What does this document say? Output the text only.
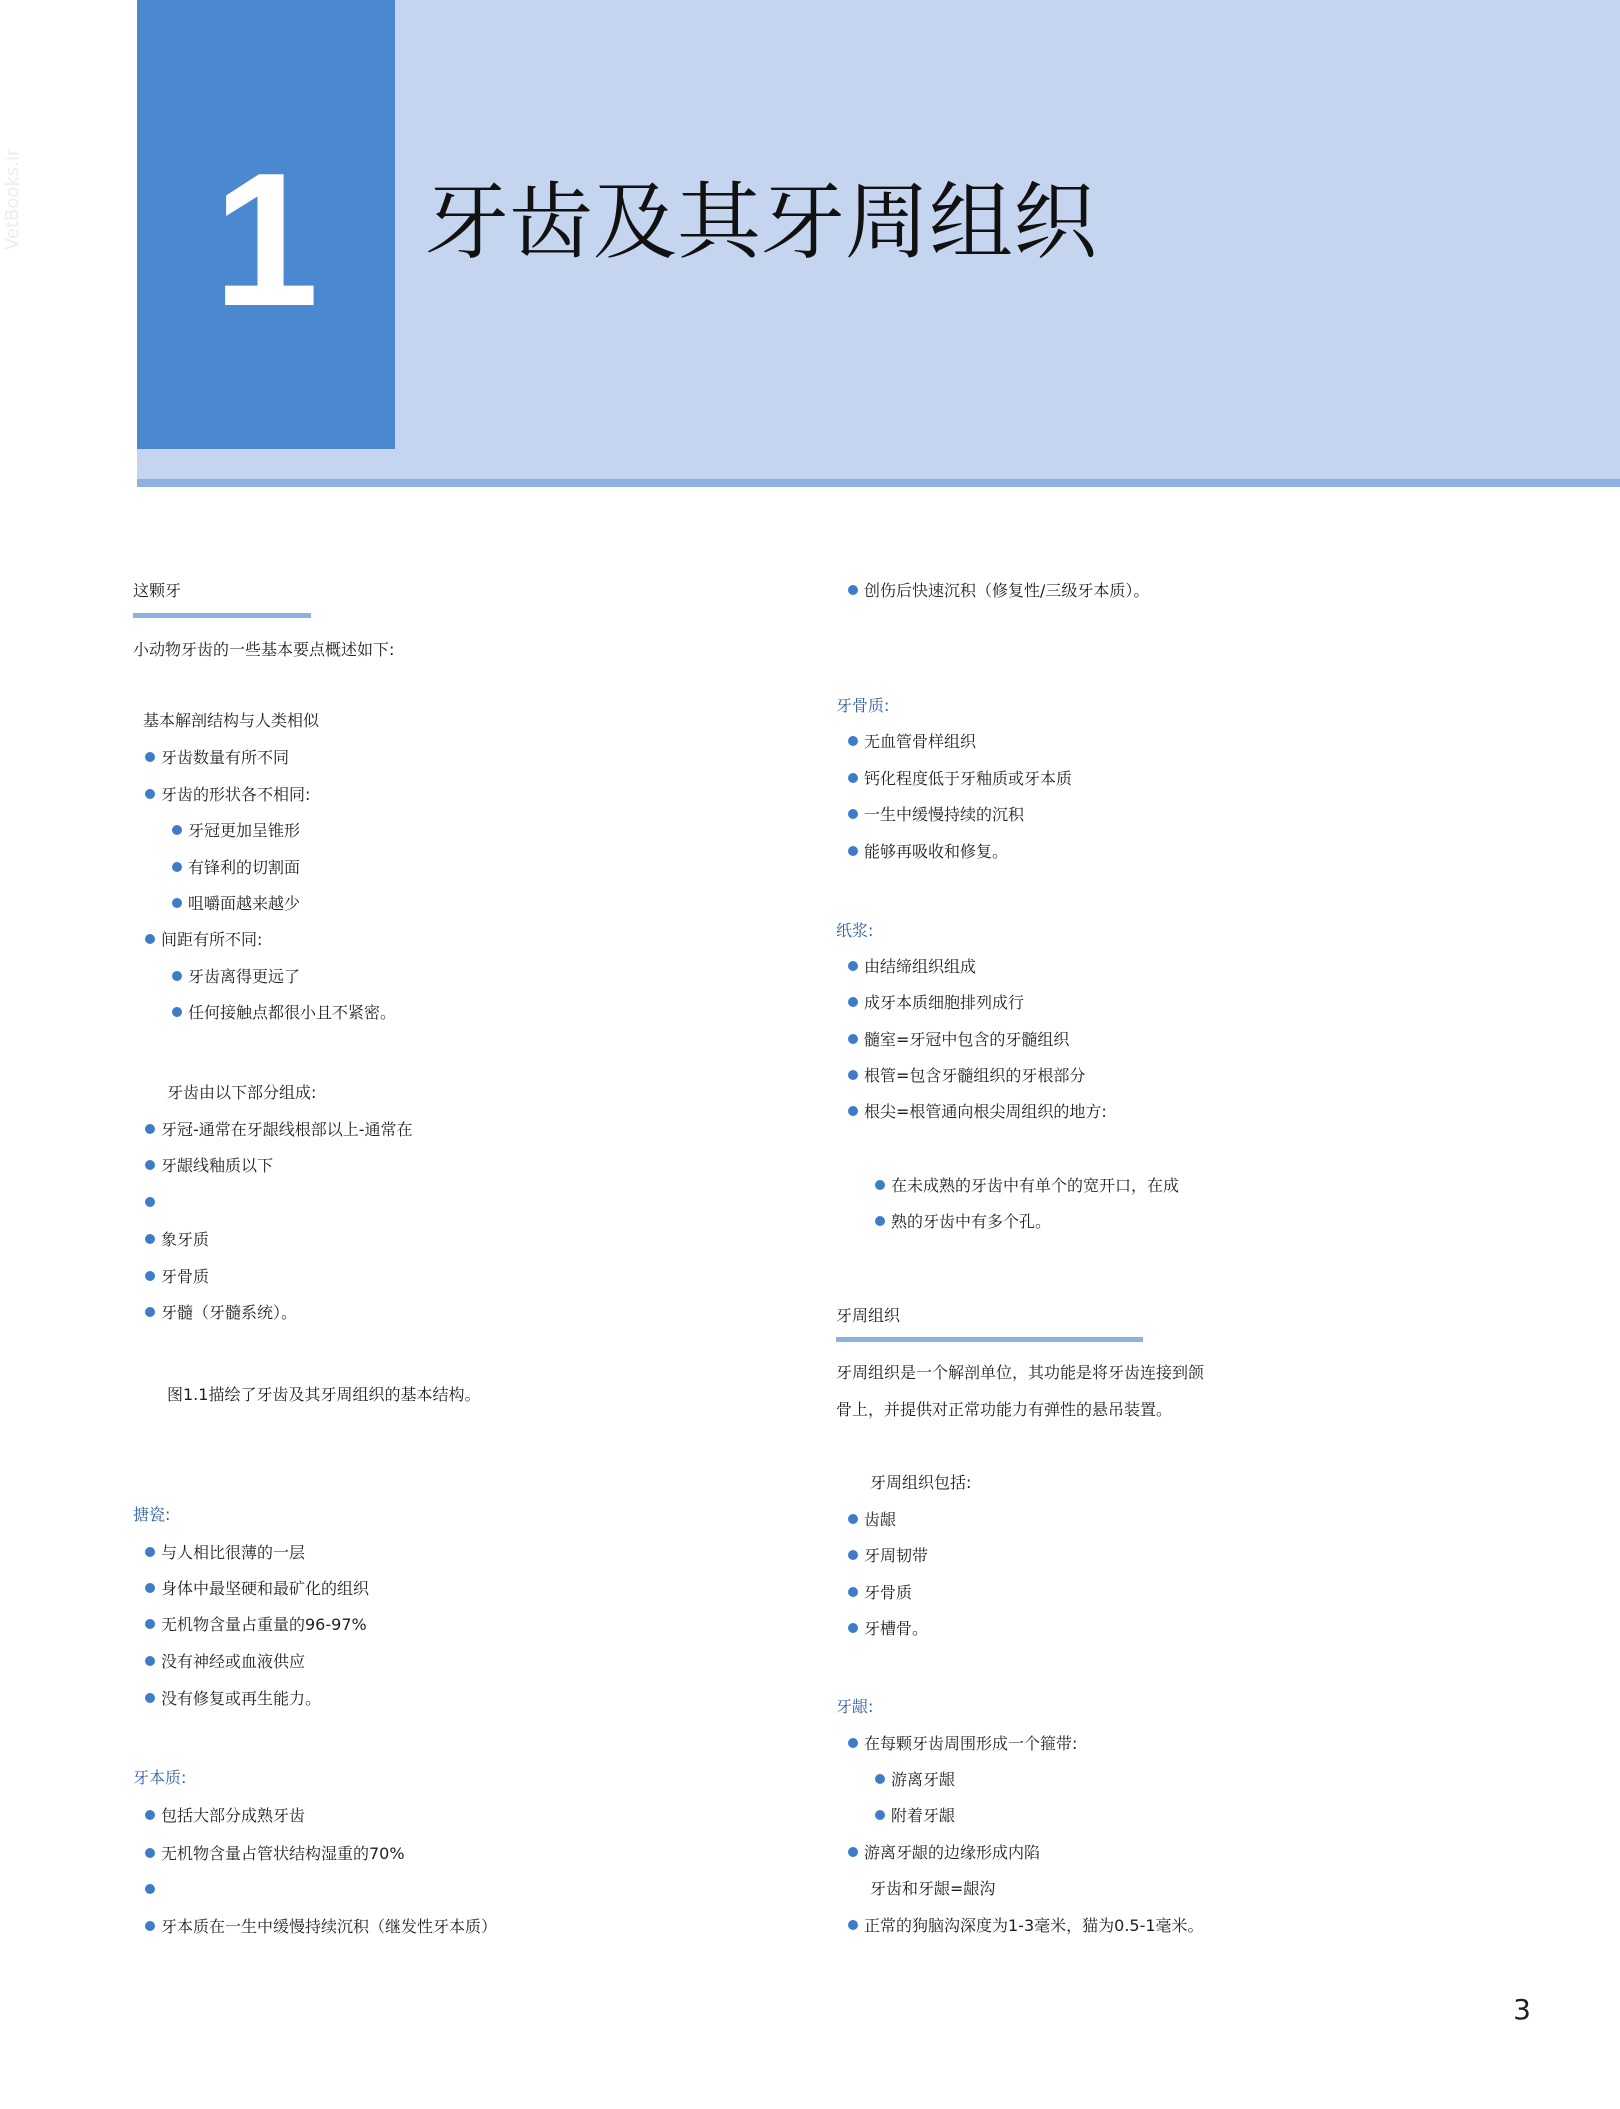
1	牙齿及其牙周组织
VetBooks.ir
这颗牙
小动物牙齿的一些基本要点概述如下:
基本解剖结构与人类相似
牙齿数量有所不同
牙齿的形状各不相同:
牙冠更加呈锥形
有锋利的切割面
咀嚼面越来越少
间距有所不同:
牙齿离得更远了
任何接触点都很小且不紧密。
牙齿由以下部分组成:
牙冠-通常在牙龈线根部以上-通常在
牙龈线釉质以下
象牙质
牙骨质
牙髓（牙髓系统）。
图1.1描绘了牙齿及其牙周组织的基本结构。
搪瓷:
与人相比很薄的一层
身体中最坚硬和最矿化的组织
无机物含量占重量的96-97%
没有神经或血液供应
没有修复或再生能力。
牙本质:
包括大部分成熟牙齿
无机物含量占管状结构湿重的70%
牙本质在一生中缓慢持续沉积（继发性牙本质）
创伤后快速沉积（修复性/三级牙本质）。
牙骨质:
无血管骨样组织
钙化程度低于牙釉质或牙本质
一生中缓慢持续的沉积
能够再吸收和修复。
纸浆:
由结缔组织组成
成牙本质细胞排列成行
髓室=牙冠中包含的牙髓组织
根管=包含牙髓组织的牙根部分
根尖=根管通向根尖周组织的地方:
在未成熟的牙齿中有单个的宽开口，在成
熟的牙齿中有多个孔。
牙周组织
牙周组织是一个解剖单位，其功能是将牙齿连接到颌
骨上，并提供对正常功能力有弹性的悬吊装置。
牙周组织包括:
齿龈
牙周韧带
牙骨质
牙槽骨。
牙龈:
在每颗牙齿周围形成一个箍带:
游离牙龈
附着牙龈
游离牙龈的边缘形成内陷
牙齿和牙龈=龈沟
正常的狗脑沟深度为1-3毫米，猫为0.5-1毫米。
3
